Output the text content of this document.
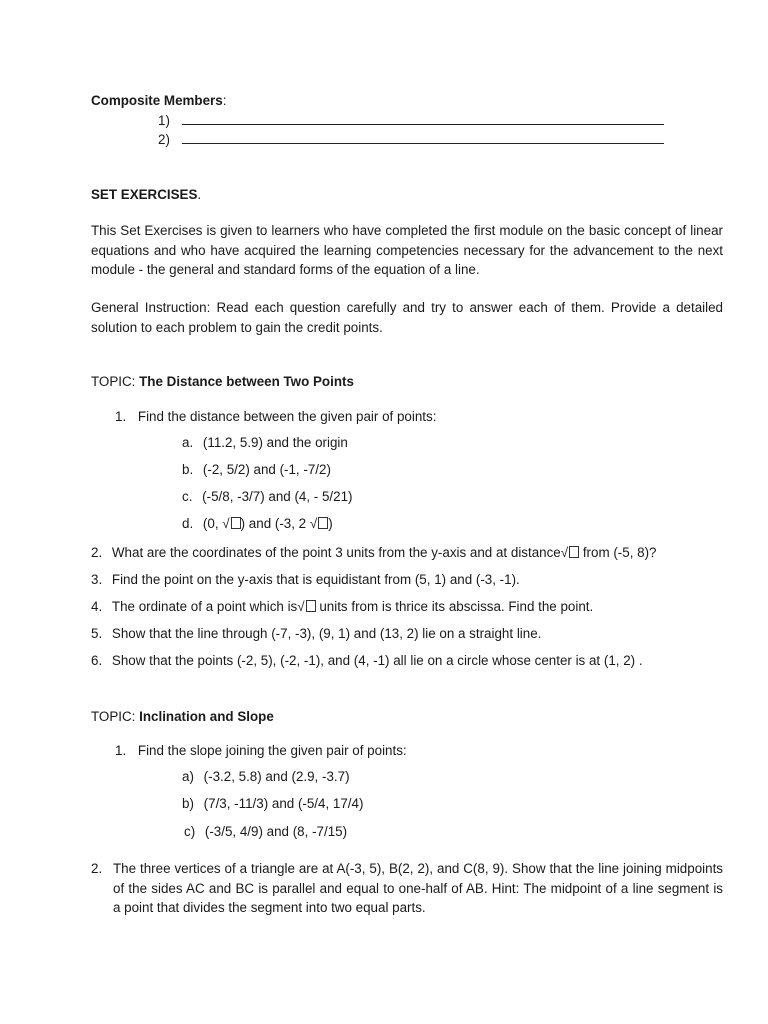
Composite Members:
1)
2)
SET EXERCISES.
This Set Exercises is given to learners who have completed the first module on the basic concept of linear equations and who have acquired the learning competencies necessary for the advancement to the next module - the general and standard forms of the equation of a line.
General Instruction: Read each question carefully and try to answer each of them. Provide a detailed solution to each problem to gain the credit points.
TOPIC: The Distance between Two Points
1. Find the distance between the given pair of points:
a. (11.2, 5.9) and the origin
b. (-2, 5/2) and (-1, -7/2)
c. (-5/8, -3/7) and (4, - 5/21)
d. (0, √ ) and (-3, 2 √ )
2. What are the coordinates of the point 3 units from the y-axis and at distance√ from (-5, 8)?
3. Find the point on the y-axis that is equidistant from (5, 1) and (-3, -1).
4. The ordinate of a point which is√ units from is thrice its abscissa. Find the point.
5. Show that the line through (-7, -3), (9, 1) and (13, 2) lie on a straight line.
6. Show that the points (-2, 5), (-2, -1), and (4, -1) all lie on a circle whose center is at (1, 2) .
TOPIC: Inclination and Slope
1. Find the slope joining the given pair of points:
a) (-3.2, 5.8) and (2.9, -3.7)
b) (7/3, -11/3) and (-5/4, 17/4)
c) (-3/5, 4/9) and (8, -7/15)
2. The three vertices of a triangle are at A(-3, 5), B(2, 2), and C(8, 9). Show that the line joining midpoints of the sides AC and BC is parallel and equal to one-half of AB. Hint: The midpoint of a line segment is a point that divides the segment into two equal parts.
